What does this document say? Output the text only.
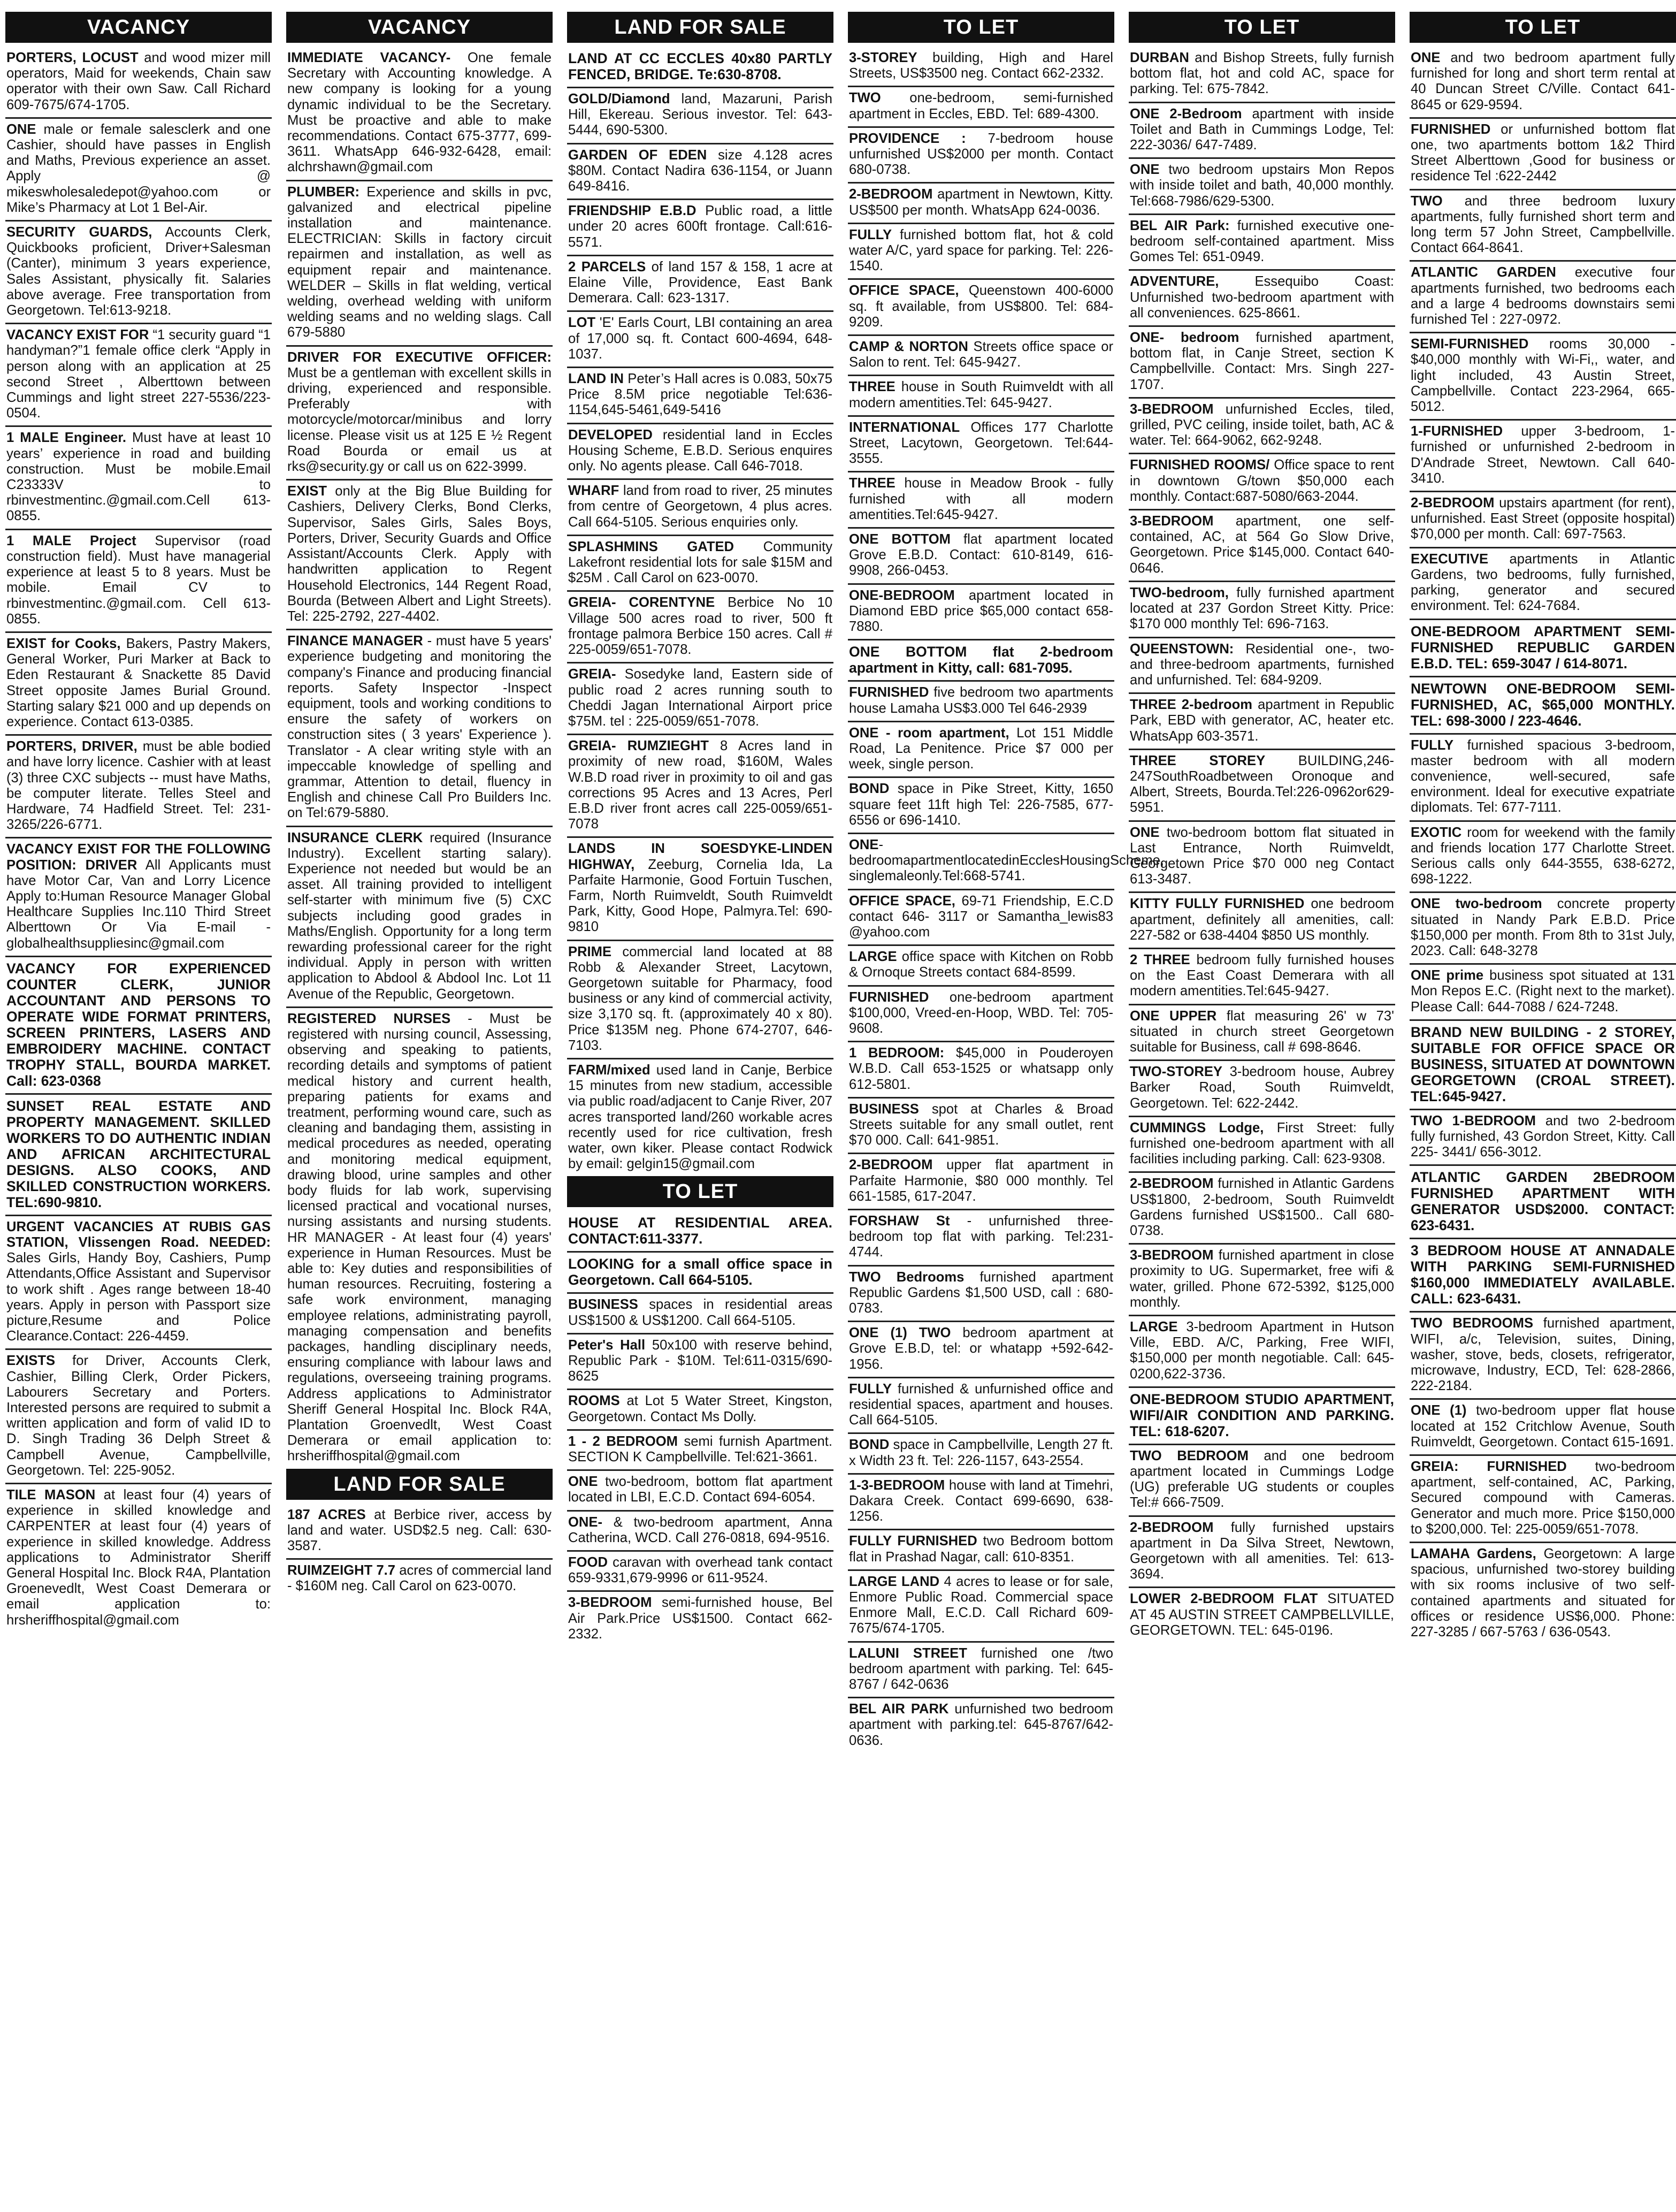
VACANCY
PORTERS, LOCUST and wood mizer mill operators, Maid for weekends, Chain saw operator with their own Saw. Call Richard 609-7675/674-1705.
ONE male or female salesclerk and one Cashier, should have passes in English and Maths, Previous experience an asset. Apply @ mikeswholesaledepot@yahoo.com or Mike’s Pharmacy at Lot 1 Bel-Air.
SECURITY GUARDS, Accounts Clerk, Quickbooks proficient, Driver+Salesman (Canter), minimum 3 years experience, Sales Assistant, physically fit. Salaries above average. Free transportation from Georgetown. Tel:613-9218.
VACANCY EXIST FOR “1 security guard “1 handyman?”1 female office clerk “Apply in person along with an application at 25 second Street , Alberttown between Cummings and light street 227-5536/223-0504.
1 MALE Engineer. Must have at least 10 years’ experience in road and building construction. Must be mobile.Email C23333V to rbinvestmentinc.@gmail.com.Cell 613-0855.
1 MALE Project Supervisor (road construction field). Must have managerial experience at least 5 to 8 years. Must be mobile. Email CV to rbinvestmentinc.@gmail.com. Cell 613-0855.
EXIST for Cooks, Bakers, Pastry Makers, General Worker, Puri Marker at Back to Eden Restaurant & Snackette 85 David Street opposite James Burial Ground. Starting salary $21 000 and up depends on experience. Contact 613-0385.
PORTERS, DRIVER, must be able bodied and have lorry licence. Cashier with at least (3) three CXC subjects -- must have Maths, be computer literate. Telles Steel and Hardware, 74 Hadfield Street. Tel: 231-3265/226-6771.
VACANCY EXIST FOR THE FOLLOWING POSITION: DRIVER All Applicants must have Motor Car, Van and Lorry Licence Apply to:Human Resource Manager Global Healthcare Supplies Inc.110 Third Street Alberttown Or Via E-mail - globalhealthsuppliesinc@gmail.com
VACANCY FOR EXPERIENCED COUNTER CLERK, JUNIOR ACCOUNTANT AND PERSONS TO OPERATE WIDE FORMAT PRINTERS, SCREEN PRINTERS, LASERS AND EMBROIDERY MACHINE. CONTACT TROPHY STALL, BOURDA MARKET. Call: 623-0368
SUNSET REAL ESTATE AND PROPERTY MANAGEMENT. SKILLED WORKERS TO DO AUTHENTIC INDIAN AND AFRICAN ARCHITECTURAL DESIGNS. ALSO COOKS, AND SKILLED CONSTRUCTION WORKERS. TEL:690-9810.
URGENT VACANCIES AT RUBIS GAS STATION, Vlissengen Road. NEEDED: Sales Girls, Handy Boy, Cashiers, Pump Attendants,Office Assistant and Supervisor to work shift . Ages range between 18-40 years. Apply in person with Passport size picture,Resume and Police Clearance.Contact: 226-4459.
EXISTS for Driver, Accounts Clerk, Cashier, Billing Clerk, Order Pickers, Labourers Secretary and Porters. Interested persons are required to submit a written application and form of valid ID to D. Singh Trading 36 Delph Street & Campbell Avenue, Campbellville, Georgetown. Tel: 225-9052.
TILE MASON at least four (4) years of experience in skilled knowledge and CARPENTER at least four (4) years of experience in skilled knowledge. Address applications to Administrator Sheriff General Hospital Inc. Block R4A, Plantation Groenevedlt, West Coast Demerara or email application to: hrsheriffhospital@gmail.com
VACANCY
IMMEDIATE VACANCY- One female Secretary with Accounting knowledge. A new company is looking for a young dynamic individual to be the Secretary. Must be proactive and able to make recommendations. Contact 675-3777, 699-3611. WhatsApp 646-932-6428, email: alchrshawn@gmail.com
PLUMBER: Experience and skills in pvc, galvanized and electrical pipeline installation and maintenance. ELECTRICIAN: Skills in factory circuit repairmen and installation, as well as equipment repair and maintenance. WELDER – Skills in flat welding, vertical welding, overhead welding with uniform welding seams and no welding slags. Call 679-5880
DRIVER FOR EXECUTIVE OFFICER: Must be a gentleman with excellent skills in driving, experienced and responsible. Preferably with motorcycle/motorcar/minibus and lorry license. Please visit us at 125 E ½ Regent Road Bourda or email us at rks@security.gy or call us on 622-3999.
EXIST only at the Big Blue Building for Cashiers, Delivery Clerks, Bond Clerks, Supervisor, Sales Girls, Sales Boys, Porters, Driver, Security Guards and Office Assistant/Accounts Clerk. Apply with handwritten application to Regent Household Electronics, 144 Regent Road, Bourda (Between Albert and Light Streets). Tel: 225-2792, 227-4402.
FINANCE MANAGER - must have 5 years' experience budgeting and monitoring the company's Finance and producing financial reports. Safety Inspector -Inspect equipment, tools and working conditions to ensure the safety of workers on construction sites ( 3 years' Experience ). Translator - A clear writing style with an impeccable knowledge of spelling and grammar, Attention to detail, fluency in English and chinese Call Pro Builders Inc. on Tel:679-5880.
INSURANCE CLERK required (Insurance Industry). Excellent starting salary). Experience not needed but would be an asset. All training provided to intelligent self-starter with minimum five (5) CXC subjects including good grades in Maths/English. Opportunity for a long term rewarding professional career for the right individual. Apply in person with written application to Abdool & Abdool Inc. Lot 11 Avenue of the Republic, Georgetown.
REGISTERED NURSES - Must be registered with nursing council, Assessing, observing and speaking to patients, recording details and symptoms of patient medical history and current health, preparing patients for exams and treatment, performing wound care, such as cleaning and bandaging them, assisting in medical procedures as needed, operating and monitoring medical equipment, drawing blood, urine samples and other body fluids for lab work, supervising licensed practical and vocational nurses, nursing assistants and nursing students. HR MANAGER - At least four (4) years' experience in Human Resources. Must be able to: Key duties and responsibilities of human resources. Recruiting, fostering a safe work environment, managing employee relations, administrating payroll, managing compensation and benefits packages, handling disciplinary needs, ensuring compliance with labour laws and regulations, overseeing training programs. Address applications to Administrator Sheriff General Hospital Inc. Block R4A, Plantation Groenvedlt, West Coast Demerara or email application to: hrsheriffhospital@gmail.com
LAND FOR SALE
187 ACRES at Berbice river, access by land and water. USD$2.5 neg. Call: 630-3587.
RUIMZEIGHT 7.7 acres of commercial land - $160M neg. Call Carol on 623-0070.
LAND FOR SALE
LAND AT CC ECCLES 40x80 PARTLY FENCED, BRIDGE. Te:630-8708.
GOLD/Diamond land, Mazaruni, Parish Hill, Ekereau. Serious investor. Tel: 643-5444, 690-5300.
GARDEN OF EDEN size 4.128 acres $80M. Contact Nadira 636-1154, or Juann 649-8416.
FRIENDSHIP E.B.D Public road, a little under 20 acres 600ft frontage. Call:616-5571.
2 PARCELS of land 157 & 158, 1 acre at Elaine Ville, Providence, East Bank Demerara. Call: 623-1317.
LOT 'E' Earls Court, LBI containing an area of 17,000 sq. ft. Contact 600-4694, 648-1037.
LAND IN Peter’s Hall acres is 0.083, 50x75 Price 8.5M price negotiable Tel:636-1154,645-5461,649-5416
DEVELOPED residential land in Eccles Housing Scheme, E.B.D. Serious enquires only. No agents please. Call 646-7018.
WHARF land from road to river, 25 minutes from centre of Georgetown, 4 plus acres. Call 664-5105. Serious enquiries only.
SPLASHMINS GATED Community Lakefront residential lots for sale $15M and $25M . Call Carol on 623-0070.
GREIA- CORENTYNE Berbice No 10 Village 500 acres road to river, 500 ft frontage palmora Berbice 150 acres. Call # 225-0059/651-7078.
GREIA- Sosedyke land, Eastern side of public road 2 acres running south to Cheddi Jagan International Airport price $75M. tel : 225-0059/651-7078.
GREIA- RUMZIEGHT 8 Acres land in proximity of new road, $160M, Wales W.B.D road river in proximity to oil and gas corrections 95 Acres and 13 Acres, Perl E.B.D river front acres call 225-0059/651-7078
LANDS IN SOESDYKE-LINDEN HIGHWAY, Zeeburg, Cornelia Ida, La Parfaite Harmonie, Good Fortuin Tuschen, Farm, North Ruimveldt, South Ruimveldt Park, Kitty, Good Hope, Palmyra.Tel: 690-9810
PRIME commercial land located at 88 Robb & Alexander Street, Lacytown, Georgetown suitable for Pharmacy, food business or any kind of commercial activity, size 3,170 sq. ft. (approximately 40 x 80). Price $135M neg. Phone 674-2707, 646-7103.
FARM/mixed used land in Canje, Berbice 15 minutes from new stadium, accessible via public road/adjacent to Canje River, 207 acres transported land/260 workable acres recently used for rice cultivation, fresh water, own kiker. Please contact Rodwick by email: gelgin15@gmail.com
TO LET
HOUSE AT RESIDENTIAL AREA. CONTACT:611-3377.
LOOKING for a small office space in Georgetown. Call 664-5105.
BUSINESS spaces in residential areas US$1500 & US$1200. Call 664-5105.
Peter's Hall 50x100 with reserve behind, Republic Park - $10M. Tel:611-0315/690-8625
ROOMS at Lot 5 Water Street, Kingston, Georgetown. Contact Ms Dolly.
1 - 2 BEDROOM semi furnish Apartment. SECTION K Campbellville. Tel:621-3661.
ONE two-bedroom, bottom flat apartment located in LBI, E.C.D. Contact 694-6054.
ONE- & two-bedroom apartment, Anna Catherina, WCD. Call 276-0818, 694-9516.
FOOD caravan with overhead tank contact 659-9331,679-9996 or 611-9524.
3-BEDROOM semi-furnished house, Bel Air Park.Price US$1500. Contact 662-2332.
TO LET
3-STOREY building, High and Harel Streets, US$3500 neg. Contact 662-2332.
TWO one-bedroom, semi-furnished apartment in Eccles, EBD. Tel: 689-4300.
PROVIDENCE : 7-bedroom house unfurnished US$2000 per month. Contact 680-0738.
2-BEDROOM apartment in Newtown, Kitty. US$500 per month. WhatsApp 624-0036.
FULLY furnished bottom flat, hot & cold water A/C, yard space for parking. Tel: 226-1540.
OFFICE SPACE, Queenstown 400-6000 sq. ft available, from US$800. Tel: 684-9209.
CAMP & NORTON Streets office space or Salon to rent. Tel: 645-9427.
THREE house in South Ruimveldt with all modern amentities.Tel: 645-9427.
INTERNATIONAL Offices 177 Charlotte Street, Lacytown, Georgetown. Tel:644-3555.
THREE house in Meadow Brook - fully furnished with all modern amentities.Tel:645-9427.
ONE BOTTOM flat apartment located Grove E.B.D. Contact: 610-8149, 616-9908, 266-0453.
ONE-BEDROOM apartment located in Diamond EBD price $65,000 contact 658-7880.
ONE BOTTOM flat 2-bedroom apartment in Kitty, call: 681-7095.
FURNISHED five bedroom two apartments house Lamaha US$3.000 Tel 646-2939
ONE - room apartment, Lot 151 Middle Road, La Penitence. Price $7 000 per week, single person.
BOND space in Pike Street, Kitty, 1650 square feet 11ft high Tel: 226-7585, 677-6556 or 696-1410.
ONE-bedroomapartmentlocatedinEcclesHousingScheme, singlemaleonly.Tel:668-5741.
OFFICE SPACE, 69-71 Friendship, E.C.D contact 646- 3117 or Samantha_lewis83 @yahoo.com
LARGE office space with Kitchen on Robb & Ornoque Streets contact 684-8599.
FURNISHED one-bedroom apartment $100,000, Vreed-en-Hoop, WBD. Tel: 705-9608.
1 BEDROOM: $45,000 in Pouderoyen W.B.D. Call 653-1525 or whatsapp only 612-5801.
BUSINESS spot at Charles & Broad Streets suitable for any small outlet, rent $70 000. Call: 641-9851.
2-BEDROOM upper flat apartment in Parfaite Harmonie, $80 000 monthly. Tel 661-1585, 617-2047.
FORSHAW St - unfurnished three-bedroom top flat with parking. Tel:231-4744.
TWO Bedrooms furnished apartment Republic Gardens $1,500 USD, call : 680-0783.
ONE (1) TWO bedroom apartment at Grove E.B.D, tel: or whatapp +592-642-1956.
FULLY furnished & unfurnished office and residential spaces, apartment and houses. Call 664-5105.
BOND space in Campbellville, Length 27 ft. x Width 23 ft. Tel: 226-1157, 643-2554.
1-3-BEDROOM house with land at Timehri, Dakara Creek. Contact 699-6690, 638-1256.
FULLY FURNISHED two Bedroom bottom flat in Prashad Nagar, call: 610-8351.
LARGE LAND 4 acres to lease or for sale, Enmore Public Road. Commercial space Enmore Mall, E.C.D. Call Richard 609-7675/674-1705.
LALUNI STREET furnished one /two bedroom apartment with parking. Tel: 645-8767 / 642-0636
BEL AIR PARK unfurnished two bedroom apartment with parking.tel: 645-8767/642-0636.
TO LET
DURBAN and Bishop Streets, fully furnish bottom flat, hot and cold AC, space for parking. Tel: 675-7842.
ONE 2-Bedroom apartment with inside Toilet and Bath in Cummings Lodge, Tel: 222-3036/ 647-7489.
ONE two bedroom upstairs Mon Repos with inside toilet and bath, 40,000 monthly. Tel:668-7986/629-5300.
BEL AIR Park: furnished executive one-bedroom self-contained apartment. Miss Gomes Tel: 651-0949.
ADVENTURE, Essequibo Coast: Unfurnished two-bedroom apartment with all conveniences. 625-8661.
ONE- bedroom furnished apartment, bottom flat, in Canje Street, section K Campbellville. Contact: Mrs. Singh 227-1707.
3-BEDROOM unfurnished Eccles, tiled, grilled, PVC ceiling, inside toilet, bath, AC & water. Tel: 664-9062, 662-9248.
FURNISHED ROOMS/ Office space to rent in downtown G/town $50,000 each monthly. Contact:687-5080/663-2044.
3-BEDROOM apartment, one self-contained, AC, at 564 Go Slow Drive, Georgetown. Price $145,000. Contact 640-0646.
TWO-bedroom, fully furnished apartment located at 237 Gordon Street Kitty. Price: $170 000 monthly Tel: 696-7163.
QUEENSTOWN: Residential one-, two- and three-bedroom apartments, furnished and unfurnished. Tel: 684-9209.
THREE 2-bedroom apartment in Republic Park, EBD with generator, AC, heater etc. WhatsApp 603-3571.
THREE STOREY BUILDING,246-247SouthRoadbetween Oronoque and Albert, Streets, Bourda.Tel:226-0962or629-5951.
ONE two-bedroom bottom flat situated in Last Entrance, North Ruimveldt, Georgetown Price $70 000 neg Contact 613-3487.
KITTY FULLY FURNISHED one bedroom apartment, definitely all amenities, call: 227-582 or 638-4404 $850 US monthly.
2 THREE bedroom fully furnished houses on the East Coast Demerara with all modern amentities.Tel:645-9427.
ONE UPPER flat measuring 26' w 73' situated in church street Georgetown suitable for Business, call # 698-8646.
TWO-STOREY 3-bedroom house, Aubrey Barker Road, South Ruimveldt, Georgetown. Tel: 622-2442.
CUMMINGS Lodge, First Street: fully furnished one-bedroom apartment with all facilities including parking. Call: 623-9308.
2-BEDROOM furnished in Atlantic Gardens US$1800, 2-bedroom, South Ruimveldt Gardens furnished US$1500.. Call 680-0738.
3-BEDROOM furnished apartment in close proximity to UG. Supermarket, free wifi & water, grilled. Phone 672-5392, $125,000 monthly.
LARGE 3-bedroom Apartment in Hutson Ville, EBD. A/C, Parking, Free WIFI, $150,000 per month negotiable. Call: 645-0200,622-3736.
ONE-BEDROOM STUDIO APARTMENT, WIFI/AIR CONDITION AND PARKING. TEL: 618-6207.
TWO BEDROOM and one bedroom apartment located in Cummings Lodge (UG) preferable UG students or couples Tel:# 666-7509.
2-BEDROOM fully furnished upstairs apartment in Da Silva Street, Newtown, Georgetown with all amenities. Tel: 613-3694.
LOWER 2-BEDROOM FLAT SITUATED AT 45 AUSTIN STREET CAMPBELLVILLE, GEORGETOWN. TEL: 645-0196.
TO LET
ONE and two bedroom apartment fully furnished for long and short term rental at 40 Duncan Street C/Ville. Contact 641-8645 or 629-9594.
FURNISHED or unfurnished bottom flat one, two apartments bottom 1&2 Third Street Alberttown ,Good for business or residence Tel :622-2442
TWO and three bedroom luxury apartments, fully furnished short term and long term 57 John Street, Campbellville. Contact 664-8641.
ATLANTIC GARDEN executive four apartments furnished, two bedrooms each and a large 4 bedrooms downstairs semi furnished Tel : 227-0972.
SEMI-FURNISHED rooms 30,000 - $40,000 monthly with Wi-Fi,, water, and light included, 43 Austin Street, Campbellville. Contact 223-2964, 665-5012.
1-FURNISHED upper 3-bedroom, 1-furnished or unfurnished 2-bedroom in D'Andrade Street, Newtown. Call 640-3410.
2-BEDROOM upstairs apartment (for rent), unfurnished. East Street (opposite hospital) $70,000 per month. Call: 697-7563.
EXECUTIVE apartments in Atlantic Gardens, two bedrooms, fully furnished, parking, generator and secured environment. Tel: 624-7684.
ONE-BEDROOM APARTMENT SEMI-FURNISHED REPUBLIC GARDEN E.B.D. TEL: 659-3047 / 614-8071.
NEWTOWN ONE-BEDROOM SEMI-FURNISHED, AC, $65,000 MONTHLY. TEL: 698-3000 / 223-4646.
FULLY furnished spacious 3-bedroom, master bedroom with all modern convenience, well-secured, safe environment. Ideal for executive expatriate diplomats. Tel: 677-7111.
EXOTIC room for weekend with the family and friends location 177 Charlotte Street. Serious calls only 644-3555, 638-6272, 698-1222.
ONE two-bedroom concrete property situated in Nandy Park E.B.D. Price $150,000 per month. From 8th to 31st July, 2023. Call: 648-3278
ONE prime business spot situated at 131 Mon Repos E.C. (Right next to the market). Please Call: 644-7088 / 624-7248.
BRAND NEW BUILDING - 2 STOREY, SUITABLE FOR OFFICE SPACE OR BUSINESS, SITUATED AT DOWNTOWN GEORGETOWN (CROAL STREET). TEL:645-9427.
TWO 1-BEDROOM and two 2-bedroom fully furnished, 43 Gordon Street, Kitty. Call 225- 3441/ 656-3012.
ATLANTIC GARDEN 2BEDROOM FURNISHED APARTMENT WITH GENERATOR USD$2000. CONTACT: 623-6431.
3 BEDROOM HOUSE AT ANNADALE WITH PARKING SEMI-FURNISHED $160,000 IMMEDIATELY AVAILABLE. CALL: 623-6431.
TWO BEDROOMS furnished apartment, WIFI, a/c, Television, suites, Dining, washer, stove, beds, closets, refrigerator, microwave, Industry, ECD, Tel: 628-2866, 222-2184.
ONE (1) two-bedroom upper flat house located at 152 Critchlow Avenue, South Ruimveldt, Georgetown. Contact 615-1691.
GREIA: FURNISHED two-bedroom apartment, self-contained, AC, Parking, Secured compound with Cameras. Generator and much more. Price $150,000 to $200,000. Tel: 225-0059/651-7078.
LAMAHA Gardens, Georgetown: A large spacious, unfurnished two-storey building with six rooms inclusive of two self-contained apartments and situated for offices or residence US$6,000. Phone: 227-3285 / 667-5763 / 636-0543.
